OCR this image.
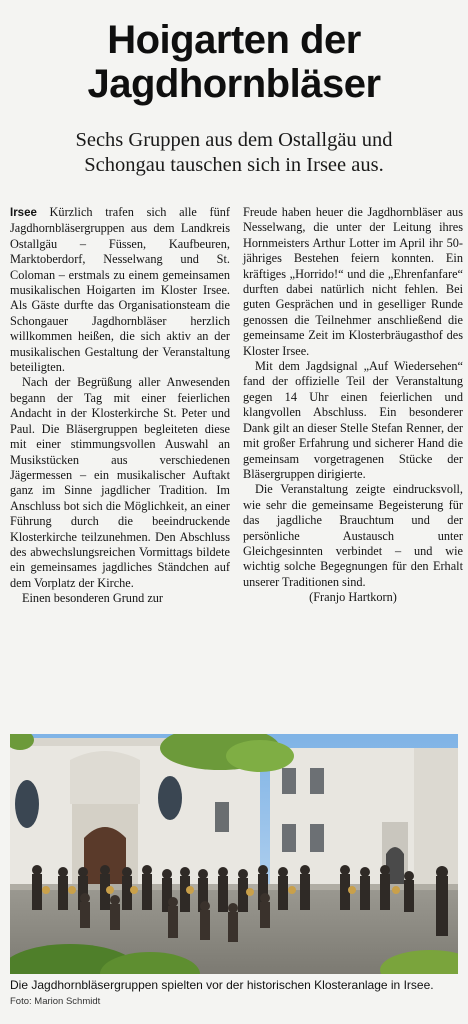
Hoigarten der
Jagdhornbläser
Sechs Gruppen aus dem Ostallgäu und
Schongau tauschen sich in Irsee aus.

Irsee Kürzlich trafen sich alle fünf Jagdhornbläsergruppen aus dem Landkreis Ostallgäu – Füssen, Kaufbeuren, Marktoberdorf, Nesselwang und St. Coloman – erstmals zu einem gemeinsamen musikalischen Hoigarten im Kloster Irsee. Als Gäste durfte das Organisationsteam die Schongauer Jagdhornbläser herzlich willkommen heißen, die sich aktiv an der musikalischen Gestaltung der Veranstaltung beteiligten.

Nach der Begrüßung aller Anwesenden begann der Tag mit einer feierlichen Andacht in der Klosterkirche St. Peter und Paul. Die Bläsergruppen begleiteten diese mit einer stimmungsvollen Auswahl an Musikstücken aus verschiedenen Jägermessen – ein musikalischer Auftakt ganz im Sinne jagdlicher Tradition. Im Anschluss bot sich die Möglichkeit, an einer Führung durch die beeindruckende Klosterkirche teilzunehmen. Den Abschluss des abwechslungsreichen Vormittags bildete ein gemeinsames jagdliches Ständchen auf dem Vorplatz der Kirche.

Einen besonderen Grund zur

Freude haben heuer die Jagdhornbläser aus Nesselwang, die unter der Leitung ihres Hornmeisters Arthur Lotter im April ihr 50-jähriges Bestehen feiern konnten. Ein kräftiges „Horrido!“ und die „Ehrenfanfare“ durften dabei natürlich nicht fehlen. Bei guten Gesprächen und in geselliger Runde genossen die Teilnehmer anschließend die gemeinsame Zeit im Klosterbräugasthof des Kloster Irsee.

Mit dem Jagdsignal „Auf Wiedersehen“ fand der offizielle Teil der Veranstaltung gegen 14 Uhr einen feierlichen und klangvollen Abschluss. Ein besonderer Dank gilt an dieser Stelle Stefan Renner, der mit großer Erfahrung und sicherer Hand die gemeinsam vorgetragenen Stücke der Bläsergruppen dirigierte.

Die Veranstaltung zeigte eindrucksvoll, wie sehr die gemeinsame Begeisterung für das jagdliche Brauchtum und der persönliche Austausch unter Gleichgesinnten verbindet – und wie wichtig solche Begegnungen für den Erhalt unserer Traditionen sind.

(Franjo Hartkorn)

Die Jagdhornbläsergruppen spielten vor der historischen Klosteranlage in Irsee.
Foto: Marion Schmidt
